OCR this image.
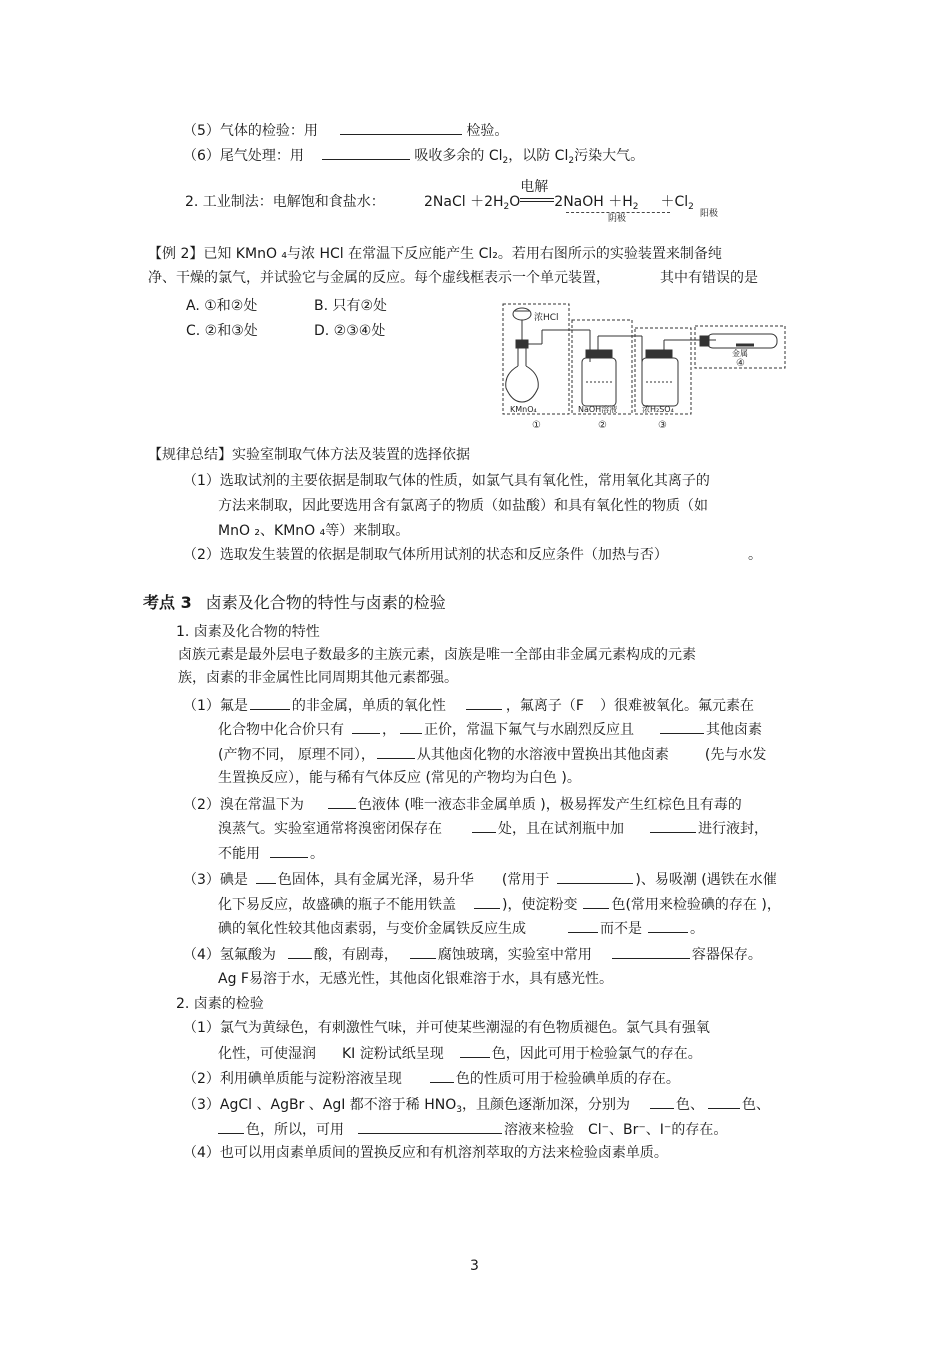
（5）气体的检验：用	检验。
（6）尾气处理：用	吸收多余的 $Cl_2$，以防 $Cl_2$污染大气。
2. 工业制法：电解饱和食盐水：	2NaCl $+2H_2O$
电解
2NaOH $+H_2 +Cl_2$
阴极	阳极
【例 2】已知 KMnO ₄与浓 HCl 在常温下反应能产生 Cl₂。若用右图所示的实验装置来制备纯
净、干燥的氯气，并试验它与金属的反应。每个虚线框表示一个单元装置，	其中有错误的是
A. ①和②处	B. 只有②处
C. ②和③处	D. ②③④处
浓HCl
KMnO₄	NaOH溶液	浓H₂SO₄
金属
①	②	③
④
【规律总结】实验室制取气体方法及装置的选择依据
（1）选取试剂的主要依据是制取气体的性质，如氯气具有氧化性，常用氧化其离子的
方法来制取，因此要选用含有氯离子的物质（如盐酸）和具有氧化性的物质（如
MnO ₂、KMnO ₄等）来制取。
（2）选取发生装置的依据是制取气体所用试剂的状态和反应条件（加热与否）	。
考点 3 卤素及化合物的特性与卤素的检验
1. 卤素及化合物的特性
卤族元素是最外层电子数最多的主族元素，卤族是唯一全部由非金属元素构成的元素
族，卤素的非金属性比同周期其他元素都强。
（1）氟是	的非金属，单质的氧化性	，氟离子（F ）很难被氧化。氟元素在
化合物中化合价只有	， 正价，常温下氟气与水剧烈反应且	其他卤素
(产物不同， 原理不同），	从其他卤化物的水溶液中置换出其他卤素	(先与水发
生置换反应），能与稀有气体反应 (常见的产物均为白色 )。
（2）溴在常温下为	色液体 (唯一液态非金属单质 )，极易挥发产生红棕色且有毒的
溴蒸气。实验室通常将溴密闭保存在	处，且在试剂瓶中加	进行液封，
不能用	。
（3）碘是 色固体，具有金属光泽，易升华 (常用于	)、易吸潮 (遇铁在水催
化下易反应，故盛碘的瓶子不能用铁盖	)，使淀粉变 色(常用来检验碘的存在 )，
碘的氧化性较其他卤素弱，与变价金属铁反应生成	而不是	。
（4）氢氟酸为	酸，有剧毒，	腐蚀玻璃，实验室中常用	容器保存。
Ag F易溶于水，无感光性，其他卤化银难溶于水，具有感光性。
2. 卤素的检验
（1）氯气为黄绿色，有刺激性气味，并可使某些潮湿的有色物质褪色。氯气具有强氧
化性，可使湿润 KI 淀粉试纸呈现	色，因此可用于检验氯气的存在。
（2）利用碘单质能与淀粉溶液呈现	色的性质可用于检验碘单质的存在。
（3）AgCl 、AgBr 、AgI 都不溶于稀 $HNO_3$，且颜色逐渐加深，分别为	色、	色、
色，所以，可用	溶液来检验 Cl⁻、Br⁻、I⁻的存在。
（4）也可以用卤素单质间的置换反应和有机溶剂萃取的方法来检验卤素单质。
3
